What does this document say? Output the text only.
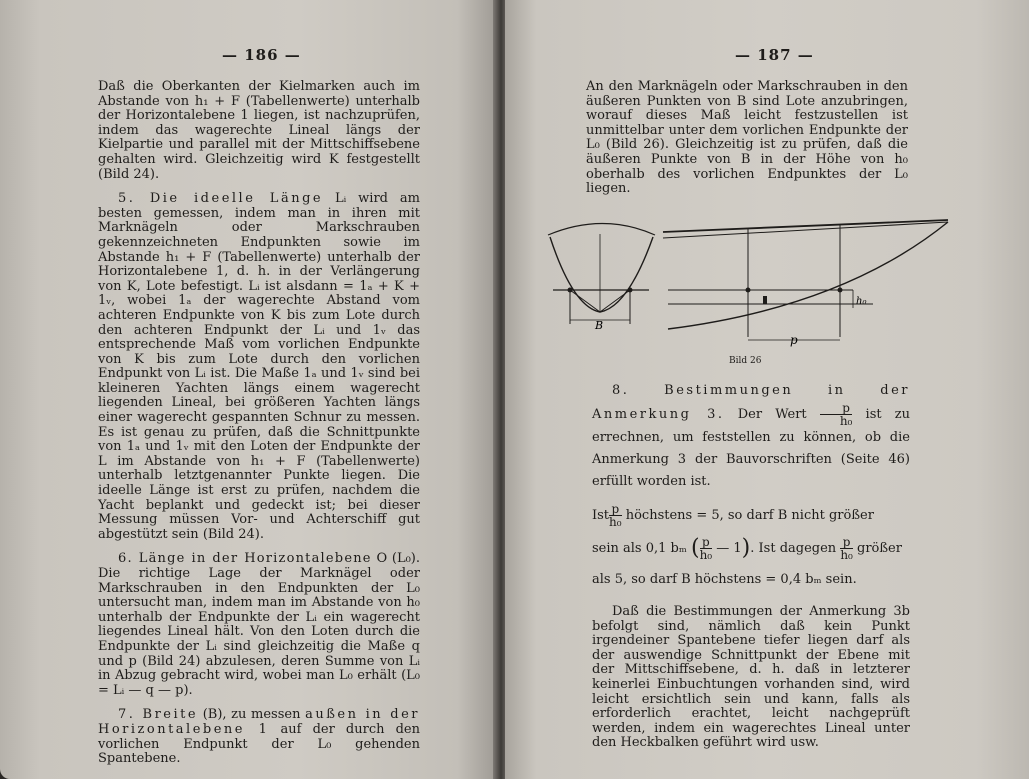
— 186 —

Daß die Oberkanten der Kielmarken auch im Abstande von h₁ + F (Tabellenwerte) unterhalb der Horizontalebene 1 liegen, ist nachzuprüfen, indem das wagerechte Lineal längs der Kielpartie und parallel mit der Mittschiffsebene gehalten wird. Gleichzeitig wird K festgestellt (Bild 24).

5. Die ideelle Länge Lᵢ wird am besten gemessen, indem man in ihren mit Marknägeln oder Markschrauben gekennzeichneten Endpunkten sowie im Abstande h₁ + F (Tabellenwerte) unterhalb der Horizontalebene 1, d. h. in der Verlängerung von K, Lote befestigt. Lᵢ ist alsdann = 1ₐ + K + 1ᵥ, wobei 1ₐ der wagerechte Abstand vom achteren Endpunkte von K bis zum Lote durch den achteren Endpunkt der Lᵢ und 1ᵥ das entsprechende Maß vom vorlichen Endpunkte von K bis zum Lote durch den vorlichen Endpunkt von Lᵢ ist. Die Maße 1ₐ und 1ᵥ sind bei kleineren Yachten längs einem wagerecht liegenden Lineal, bei größeren Yachten längs einer wagerecht gespannten Schnur zu messen. Es ist genau zu prüfen, daß die Schnittpunkte von 1ₐ und 1ᵥ mit den Loten der Endpunkte der L im Abstande von h₁ + F (Tabellenwerte) unterhalb letztgenannter Punkte liegen. Die ideelle Länge ist erst zu prüfen, nachdem die Yacht beplankt und gedeckt ist; bei dieser Messung müssen Vor- und Achterschiff gut abgestützt sein (Bild 24).

6. Länge in der Horizontalebene O (L₀). Die richtige Lage der Marknägel oder Markschrauben in den Endpunkten der L₀ untersucht man, indem man im Abstande von h₀ unterhalb der Endpunkte der Lᵢ ein wagerecht liegendes Lineal hält. Von den Loten durch die Endpunkte der Lᵢ sind gleichzeitig die Maße q und p (Bild 24) abzulesen, deren Summe von Lᵢ in Abzug gebracht wird, wobei man L₀ erhält (L₀ = Lᵢ — q — p).

7. Breite (B), zu messen außen in der Horizontalebene 1 auf der durch den vorlichen Endpunkt der L₀ gehenden Spantebene.

— 187 —

An den Marknägeln oder Markschrauben in den äußeren Punkten von B sind Lote anzubringen, worauf dieses Maß leicht festzustellen ist unmittelbar unter dem vorlichen Endpunkte der L₀ (Bild 26). Gleichzeitig ist zu prüfen, daß die äußeren Punkte von B in der Höhe von h₀ oberhalb des vorlichen Endpunktes der L₀ liegen.

B
p
h₀
Bild 26

8. Bestimmungen in der Anmerkung 3. Der Wert $\frac{p}{\text{h₀}}$ ist zu errechnen, um feststellen zu können, ob die Anmerkung 3 der Bauvorschriften (Seite 46) erfüllt worden ist.

Ist $\frac{p}{\text{h₀}}$ höchstens = 5, so darf B nicht größer
sein als 0,1 bₘ ( $\frac{p}{\text{h₀}}$ — 1). Ist dagegen $\frac{p}{\text{h₀}}$ größer
als 5, so darf B höchstens = 0,4 bₘ sein.

Daß die Bestimmungen der Anmerkung 3b befolgt sind, nämlich daß kein Punkt irgendeiner Spantebene tiefer liegen darf als der auswendige Schnittpunkt der Ebene mit der Mittschiffsebene, d. h. daß in letzterer keinerlei Einbuchtungen vorhanden sind, wird leicht ersichtlich sein und kann, falls als erforderlich erachtet, leicht nachgeprüft werden, indem ein wagerechtes Lineal unter den Heckbalken geführt wird usw.
